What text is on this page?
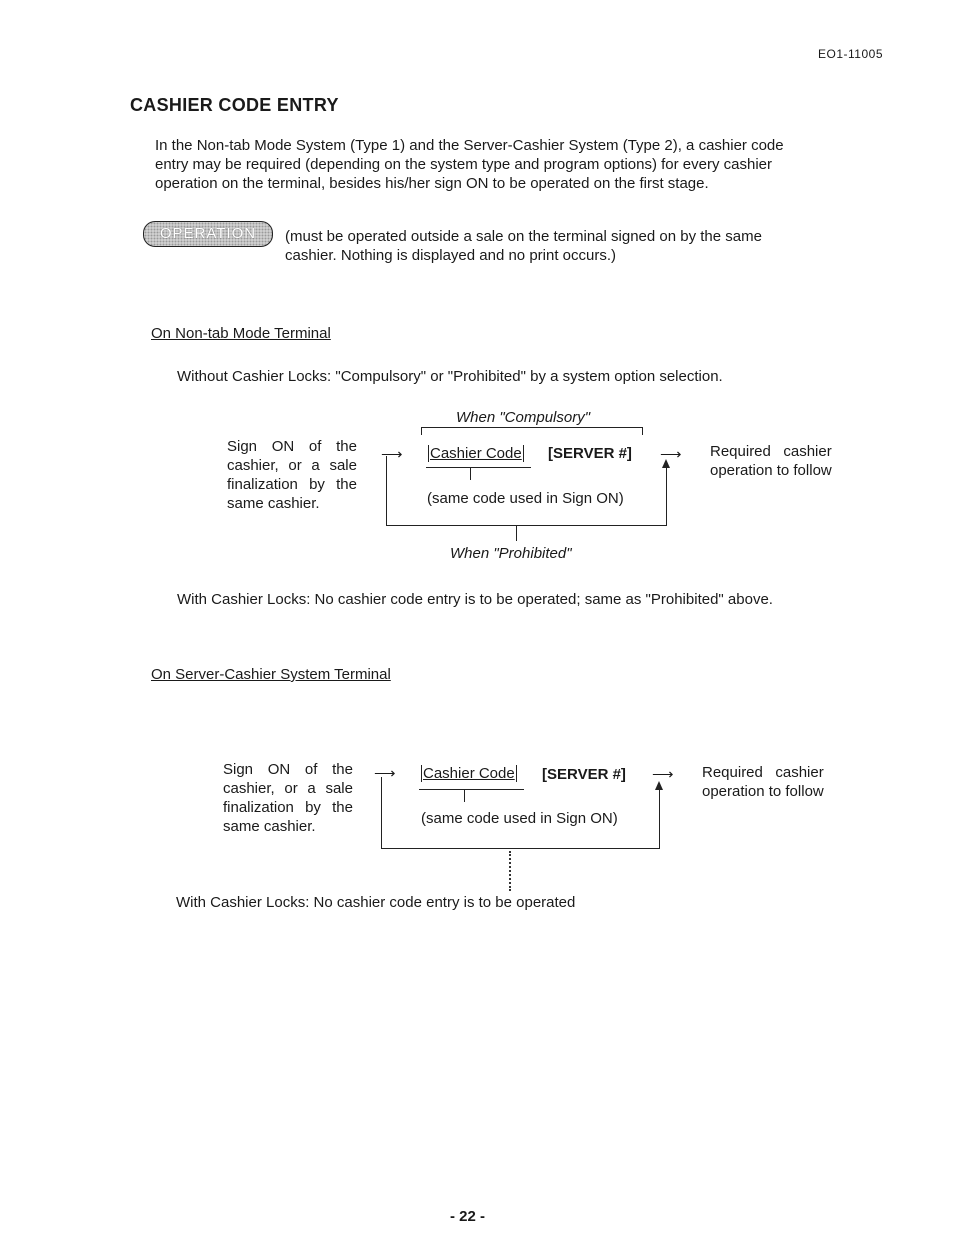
EO1-11005
CASHIER CODE ENTRY
In the Non-tab Mode System (Type 1) and the Server-Cashier System (Type 2), a cashier code
entry may be required (depending on the system type and program options) for every cashier
operation on the terminal, besides his/her sign ON to be operated on the first stage.
OPERATION	(must be operated outside a sale on the terminal signed on by the same
cashier. Nothing is displayed and no print occurs.)
On Non-tab Mode Terminal
Without Cashier Locks: "Compulsory" or "Prohibited" by a system option selection.
When "Compulsory"
Sign ON of the
cashier, or a sale
finalization by the
same cashier.
⟶	⟶
Cashier Code [SERVER #]
(same code used in Sign ON)
Required   cashier
operation to follow
When "Prohibited"
With Cashier Locks: No cashier code entry is to be operated; same as "Prohibited" above.
On Server-Cashier System Terminal
Sign ON of the
cashier, or a sale
finalization by the
same cashier.
⟶	⟶
Cashier Code [SERVER #]
(same code used in Sign ON)
Required   cashier
operation to follow
With Cashier Locks: No cashier code entry is to be operated
- 22 -
